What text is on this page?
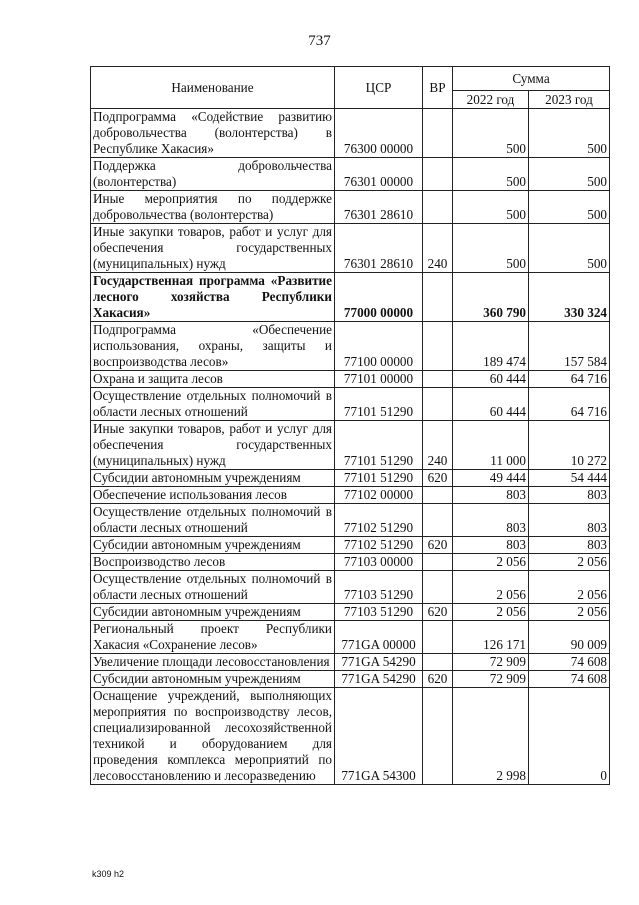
737
Наименование	ЦСР	ВР	Сумма	
			2022 год	2023 год
Подпрограмма «Содействие развитию добровольчества (волонтерства) в Республике Хакасия»	76300 00000		500	500
Поддержка добровольчества (волонтерства)	76301 00000		500	500
Иные мероприятия по поддержке добровольчества (волонтерства)	76301 28610		500	500
Иные закупки товаров, работ и услуг для обеспечения государственных (муниципальных) нужд	76301 28610	240	500	500
Государственная программа «Развитие лесного хозяйства Республики Хакасия»	77000 00000		360 790	330 324
Подпрограмма «Обеспечение использования, охраны, защиты и воспроизводства лесов»	77100 00000		189 474	157 584
Охрана и защита лесов	77101 00000		60 444	64 716
Осуществление отдельных полномочий в области лесных отношений	77101 51290		60 444	64 716
Иные закупки товаров, работ и услуг для обеспечения государственных (муниципальных) нужд	77101 51290	240	11 000	10 272
Субсидии автономным учреждениям	77101 51290	620	49 444	54 444
Обеспечение использования лесов	77102 00000		803	803
Осуществление отдельных полномочий в области лесных отношений	77102 51290		803	803
Субсидии автономным учреждениям	77102 51290	620	803	803
Воспроизводство лесов	77103 00000		2 056	2 056
Осуществление отдельных полномочий в области лесных отношений	77103 51290		2 056	2 056
Субсидии автономным учреждениям	77103 51290	620	2 056	2 056
Региональный проект Республики Хакасия «Сохранение лесов»	771GA 00000		126 171	90 009
Увеличение площади лесовосстановления	771GA 54290		72 909	74 608
Субсидии автономным учреждениям	771GA 54290	620	72 909	74 608
Оснащение учреждений, выполняющих мероприятия по воспроизводству лесов, специализированной лесохозяйственной техникой и оборудованием для проведения комплекса мероприятий по лесовосстановлению и лесоразведению	771GA 54300		2 998	0
k309 h2
